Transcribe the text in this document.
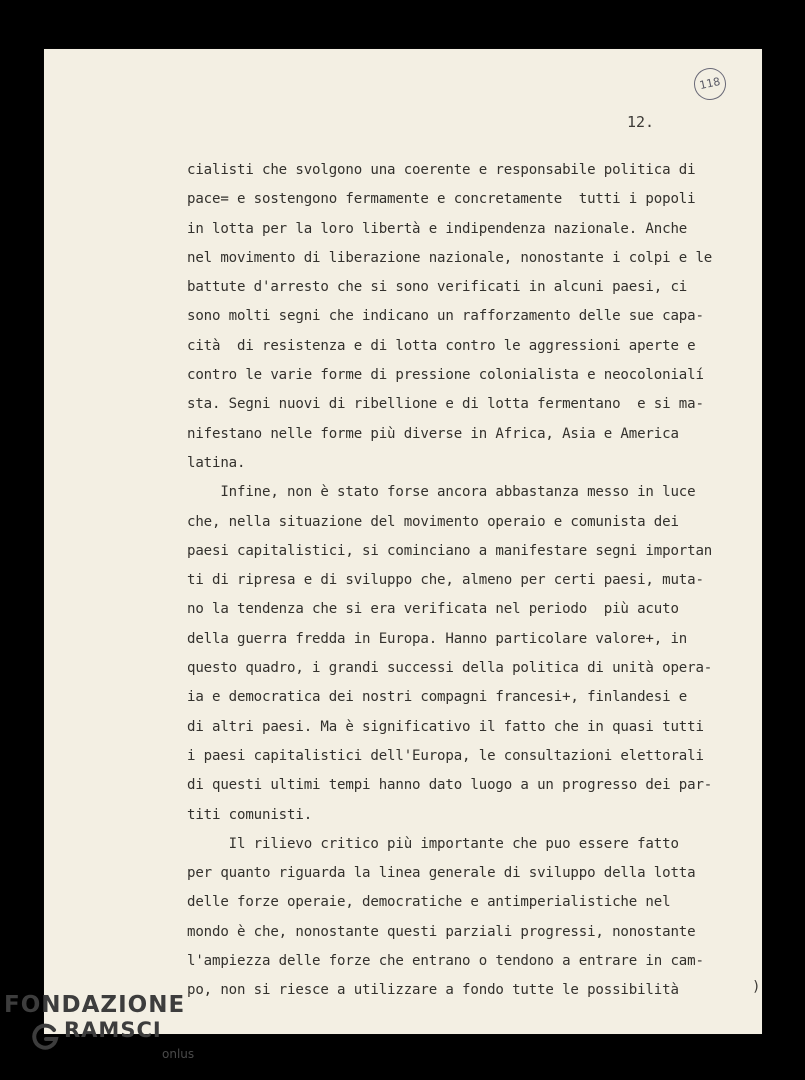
118
12.
cialisti che svolgono una coerente e responsabile politica di
pace= e sostengono fermamente e concretamente  tutti i popoli
in lotta per la loro libertà e indipendenza nazionale. Anche
nel movimento di liberazione nazionale, nonostante i colpi e le
battute d'arresto che si sono verificati in alcuni paesi, ci
sono molti segni che indicano un rafforzamento delle sue capa-
cità  di resistenza e di lotta contro le aggressioni aperte e
contro le varie forme di pressione colonialista e neocolonialí
sta. Segni nuovi di ribellione e di lotta fermentano  e si ma-
nifestano nelle forme più diverse in Africa, Asia e America
latina.
Infine, non è stato forse ancora abbastanza messo in luce
che, nella situazione del movimento operaio e comunista dei
paesi capitalistici, si cominciano a manifestare segni importan
ti di ripresa e di sviluppo che, almeno per certi paesi, muta-
no la tendenza che si era verificata nel periodo  più acuto
della guerra fredda in Europa. Hanno particolare valore+, in
questo quadro, i grandi successi della politica di unità opera-
ia e democratica dei nostri compagni francesi+, finlandesi e
di altri paesi. Ma è significativo il fatto che in quasi tutti
i paesi capitalistici dell'Europa, le consultazioni elettorali
di questi ultimi tempi hanno dato luogo a un progresso dei par-
titi comunisti.
Il rilievo critico più importante che puo essere fatto
per quanto riguarda la linea generale di sviluppo della lotta
delle forze operaie, democratiche e antimperialistiche nel
mondo è che, nonostante questi parziali progressi, nonostante
l'ampiezza delle forze che entrano o tendono a entrare in cam-
po, non si riesce a utilizzare a fondo tutte le possibilità	)
FONDAZIONE
RAMSCI
onlus
